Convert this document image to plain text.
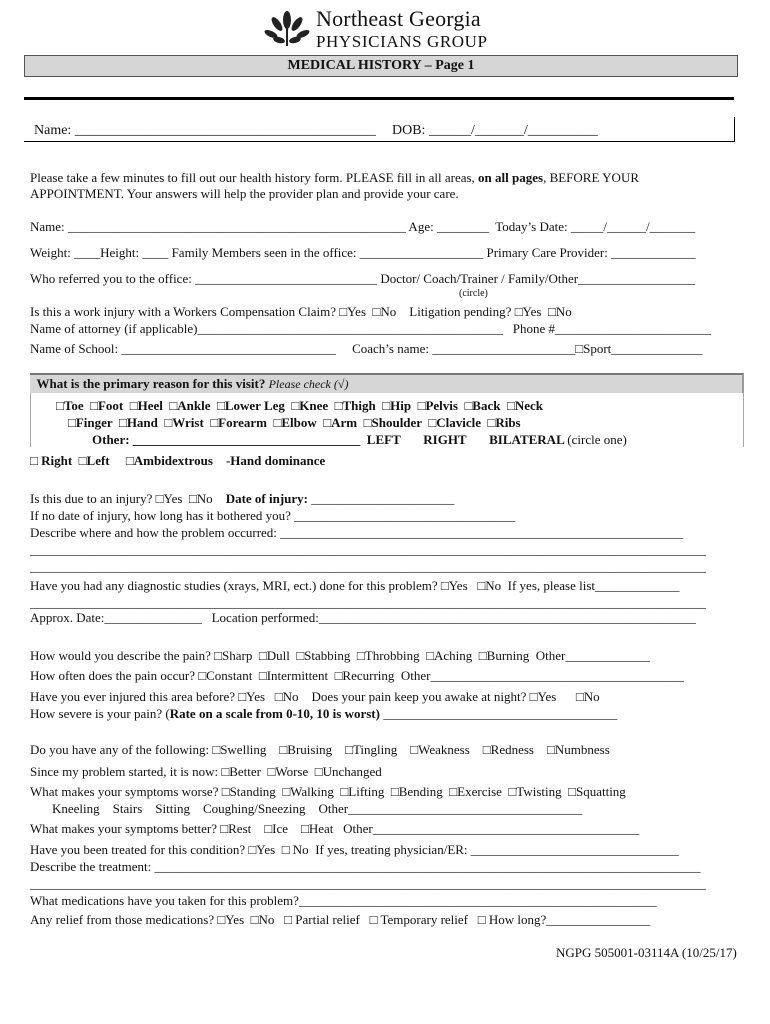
Northeast Georgia
PHYSICIANS GROUP
MEDICAL HISTORY – Page 1
Name: ___________________________________________ DOB: ______/_______/__________
Please take a few minutes to fill out our health history form. PLEASE fill in all areas, on all pages, BEFORE YOUR
APPOINTMENT. Your answers will help the provider plan and provide your care.
Name: ____________________________________________________ Age: ________  Today’s Date: _____/______/_______
Weight: ____Height: ____ Family Members seen in the office: ___________________ Primary Care Provider: _____________
Who referred you to the office: ____________________________ Doctor/ Coach/Trainer / Family/Other__________________
(circle)
Is this a work injury with a Workers Compensation Claim? □ Yes □ No Litigation pending? □ Yes □ No
Name of attorney (if applicable)_______________________________________________   Phone #________________________
Name of School: _________________________________     Coach’s name: ______________________ □ Sport______________
What is the primary reason for this visit? Please check (√)
□ Toe □ Foot □ Heel □ Ankle □ Lower Leg □ Knee □ Thigh □ Hip □ Pelvis □ Back □ Neck
□ Finger □ Hand □ Wrist □ Forearm □ Elbow □ Arm □ Shoulder □ Clavicle □ Ribs
Other: ___________________________________ LEFT RIGHT BILATERAL (circle one)
□  Right □ Left □ Ambidextrous -Hand dominance
Is this due to an injury? □ Yes □ No Date of injury: ______________________
If no date of injury, how long has it bothered you? __________________________________
Describe where and how the problem occurred: ______________________________________________________________
________________________________________________________________________________________________________
________________________________________________________________________________________________________
Have you had any diagnostic studies (xrays, MRI, ect.) done for this problem? □ Yes □ No  If yes, please list_____________
________________________________________________________________________________________________________
Approx. Date:_______________   Location performed:__________________________________________________________
How would you describe the pain? □ Sharp □ Dull □ Stabbing □ Throbbing □ Aching □ Burning Other_____________
How often does the pain occur? □ Constant □ Intermittent □ Recurring Other_______________________________________
Have you ever injured this area before? □ Yes □ No Does your pain keep you awake at night? □ Yes □ No
How severe is your pain? (Rate on a scale from 0-10, 10 is worst) ____________________________________
Do you have any of the following: □ Swelling □ Bruising □ Tingling □ Weakness □ Redness □ Numbness
Since my problem started, it is now: □ Better □ Worse □ Unchanged
What makes your symptoms worse? □ Standing □ Walking □ Lifting □ Bending □ Exercise □ Twisting □ Squatting
Kneeling    Stairs    Sitting    Coughing/Sneezing    Other____________________________________
What makes your symptoms better? □ Rest □ Ice □ Heat Other_________________________________________
Have you been treated for this condition? □ Yes □ No  If yes, treating physician/ER: ________________________________
Describe the treatment: ____________________________________________________________________________________
________________________________________________________________________________________________________
What medications have you taken for this problem?_______________________________________________________
Any relief from those medications? □ Yes □ No   □  Partial relief   □  Temporary relief   □  How long?________________
NGPG 505001-03114A (10/25/17)
